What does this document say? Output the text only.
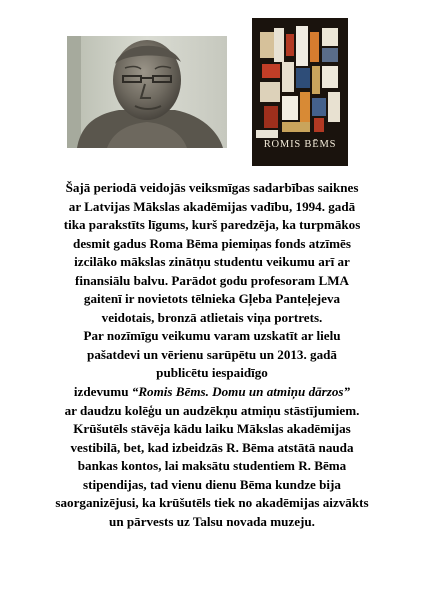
ROMIS BĒMS

Šajā periodā veidojās veiksmīgas sadarbības saiknes
ar Latvijas Mākslas akadēmijas vadību, 1994. gadā
tika parakstīts līgums, kurš paredzēja, ka turpmākos
desmit gadus Roma Bēma piemiņas fonds atzīmēs
izcilāko mākslas zinātņu studentu veikumu arī ar
finansiālu balvu. Parādot godu profesoram LMA
gaitenī ir novietots tēlnieka Gļeba Panteļejeva
veidotais, bronzā atlietais viņa portrets.
Par nozīmīgu veikumu varam uzskatīt ar lielu
pašatdevi un vērienu sarūpētu un 2013. gadā
publicētu iespaidīgo
izdevumu “Romis Bēms. Domu un atmiņu dārzos”
ar daudzu kolēģu un audzēkņu atmiņu stāstījumiem.
Krūšutēls stāvēja kādu laiku Mākslas akadēmijas
vestibilā, bet, kad izbeidzās R. Bēma atstātā nauda
bankas kontos, lai maksātu studentiem R. Bēma
stipendijas, tad vienu dienu Bēma kundze bija
saorganizējusi, ka krūšutēls tiek no akadēmijas aizvākts
un pārvests uz Talsu novada muzeju.
